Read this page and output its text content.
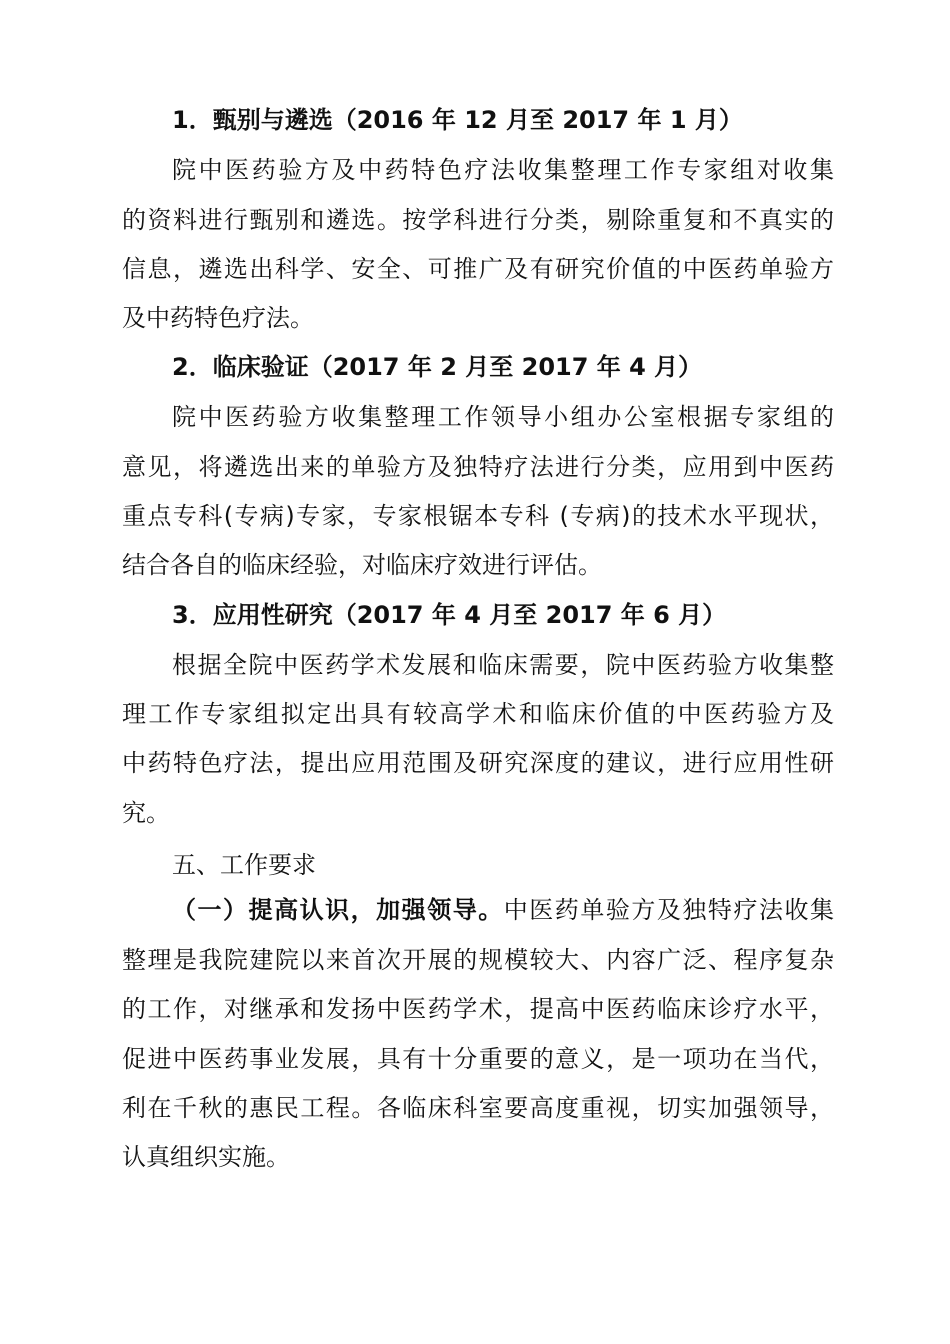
1．甄别与遴选（2016 年 12 月至 2017 年 1 月）
院中医药验方及中药特色疗法收集整理工作专家组对收集
的资料进行甄别和遴选。按学科进行分类，剔除重复和不真实的
信息，遴选出科学、安全、可推广及有研究价值的中医药单验方
及中药特色疗法。
2．临床验证（2017 年 2 月至 2017 年 4 月）
院中医药验方收集整理工作领导小组办公室根据专家组的
意见，将遴选出来的单验方及独特疗法进行分类，应用到中医药
重点专科(专病)专家，专家根锯本专科 (专病)的技术水平现状，
结合各自的临床经验，对临床疗效进行评估。
3．应用性研究（2017 年 4 月至 2017 年 6 月）
根据全院中医药学术发展和临床需要，院中医药验方收集整
理工作专家组拟定出具有较高学术和临床价值的中医药验方及
中药特色疗法，提出应用范围及研究深度的建议，进行应用性研
究。
五、工作要求
（一）提高认识，加强领导。中医药单验方及独特疗法收集
整理是我院建院以来首次开展的规模较大、内容广泛、程序复杂
的工作，对继承和发扬中医药学术，提高中医药临床诊疗水平，
促进中医药事业发展，具有十分重要的意义，是一项功在当代，
利在千秋的惠民工程。各临床科室要高度重视，切实加强领导，
认真组织实施。
